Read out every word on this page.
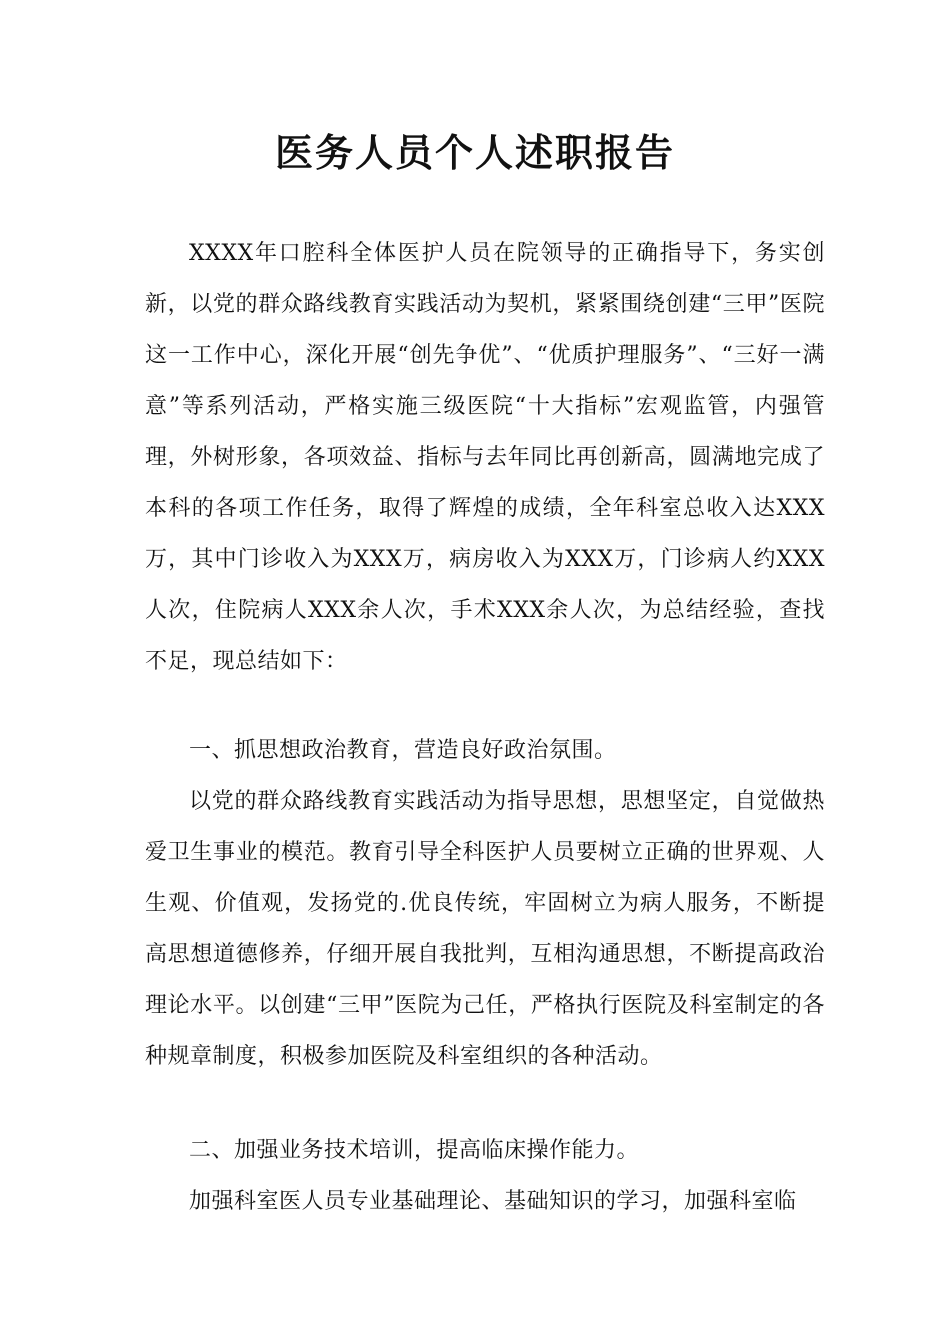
医务人员个人述职报告

XXXX年口腔科全体医护人员在院领导的正确指导下，务实创新，以党的群众路线教育实践活动为契机，紧紧围绕创建“三甲”医院这一工作中心，深化开展“创先争优”、“优质护理服务”、“三好一满意”等系列活动，严格实施三级医院“十大指标”宏观监管，内强管理，外树形象，各项效益、指标与去年同比再创新高，圆满地完成了本科的各项工作任务，取得了辉煌的成绩，全年科室总收入达XXX万，其中门诊收入为XXX万，病房收入为XXX万，门诊病人约XXX人次，住院病人XXX余人次，手术XXX余人次，为总结经验，查找不足，现总结如下：

一、抓思想政治教育，营造良好政治氛围。

以党的群众路线教育实践活动为指导思想，思想坚定，自觉做热爱卫生事业的模范。教育引导全科医护人员要树立正确的世界观、人生观、价值观，发扬党的.优良传统，牢固树立为病人服务，不断提高思想道德修养，仔细开展自我批判，互相沟通思想，不断提高政治理论水平。以创建“三甲”医院为己任，严格执行医院及科室制定的各种规章制度，积极参加医院及科室组织的各种活动。

二、加强业务技术培训，提高临床操作能力。

加强科室医人员专业基础理论、基础知识的学习，加强科室临
